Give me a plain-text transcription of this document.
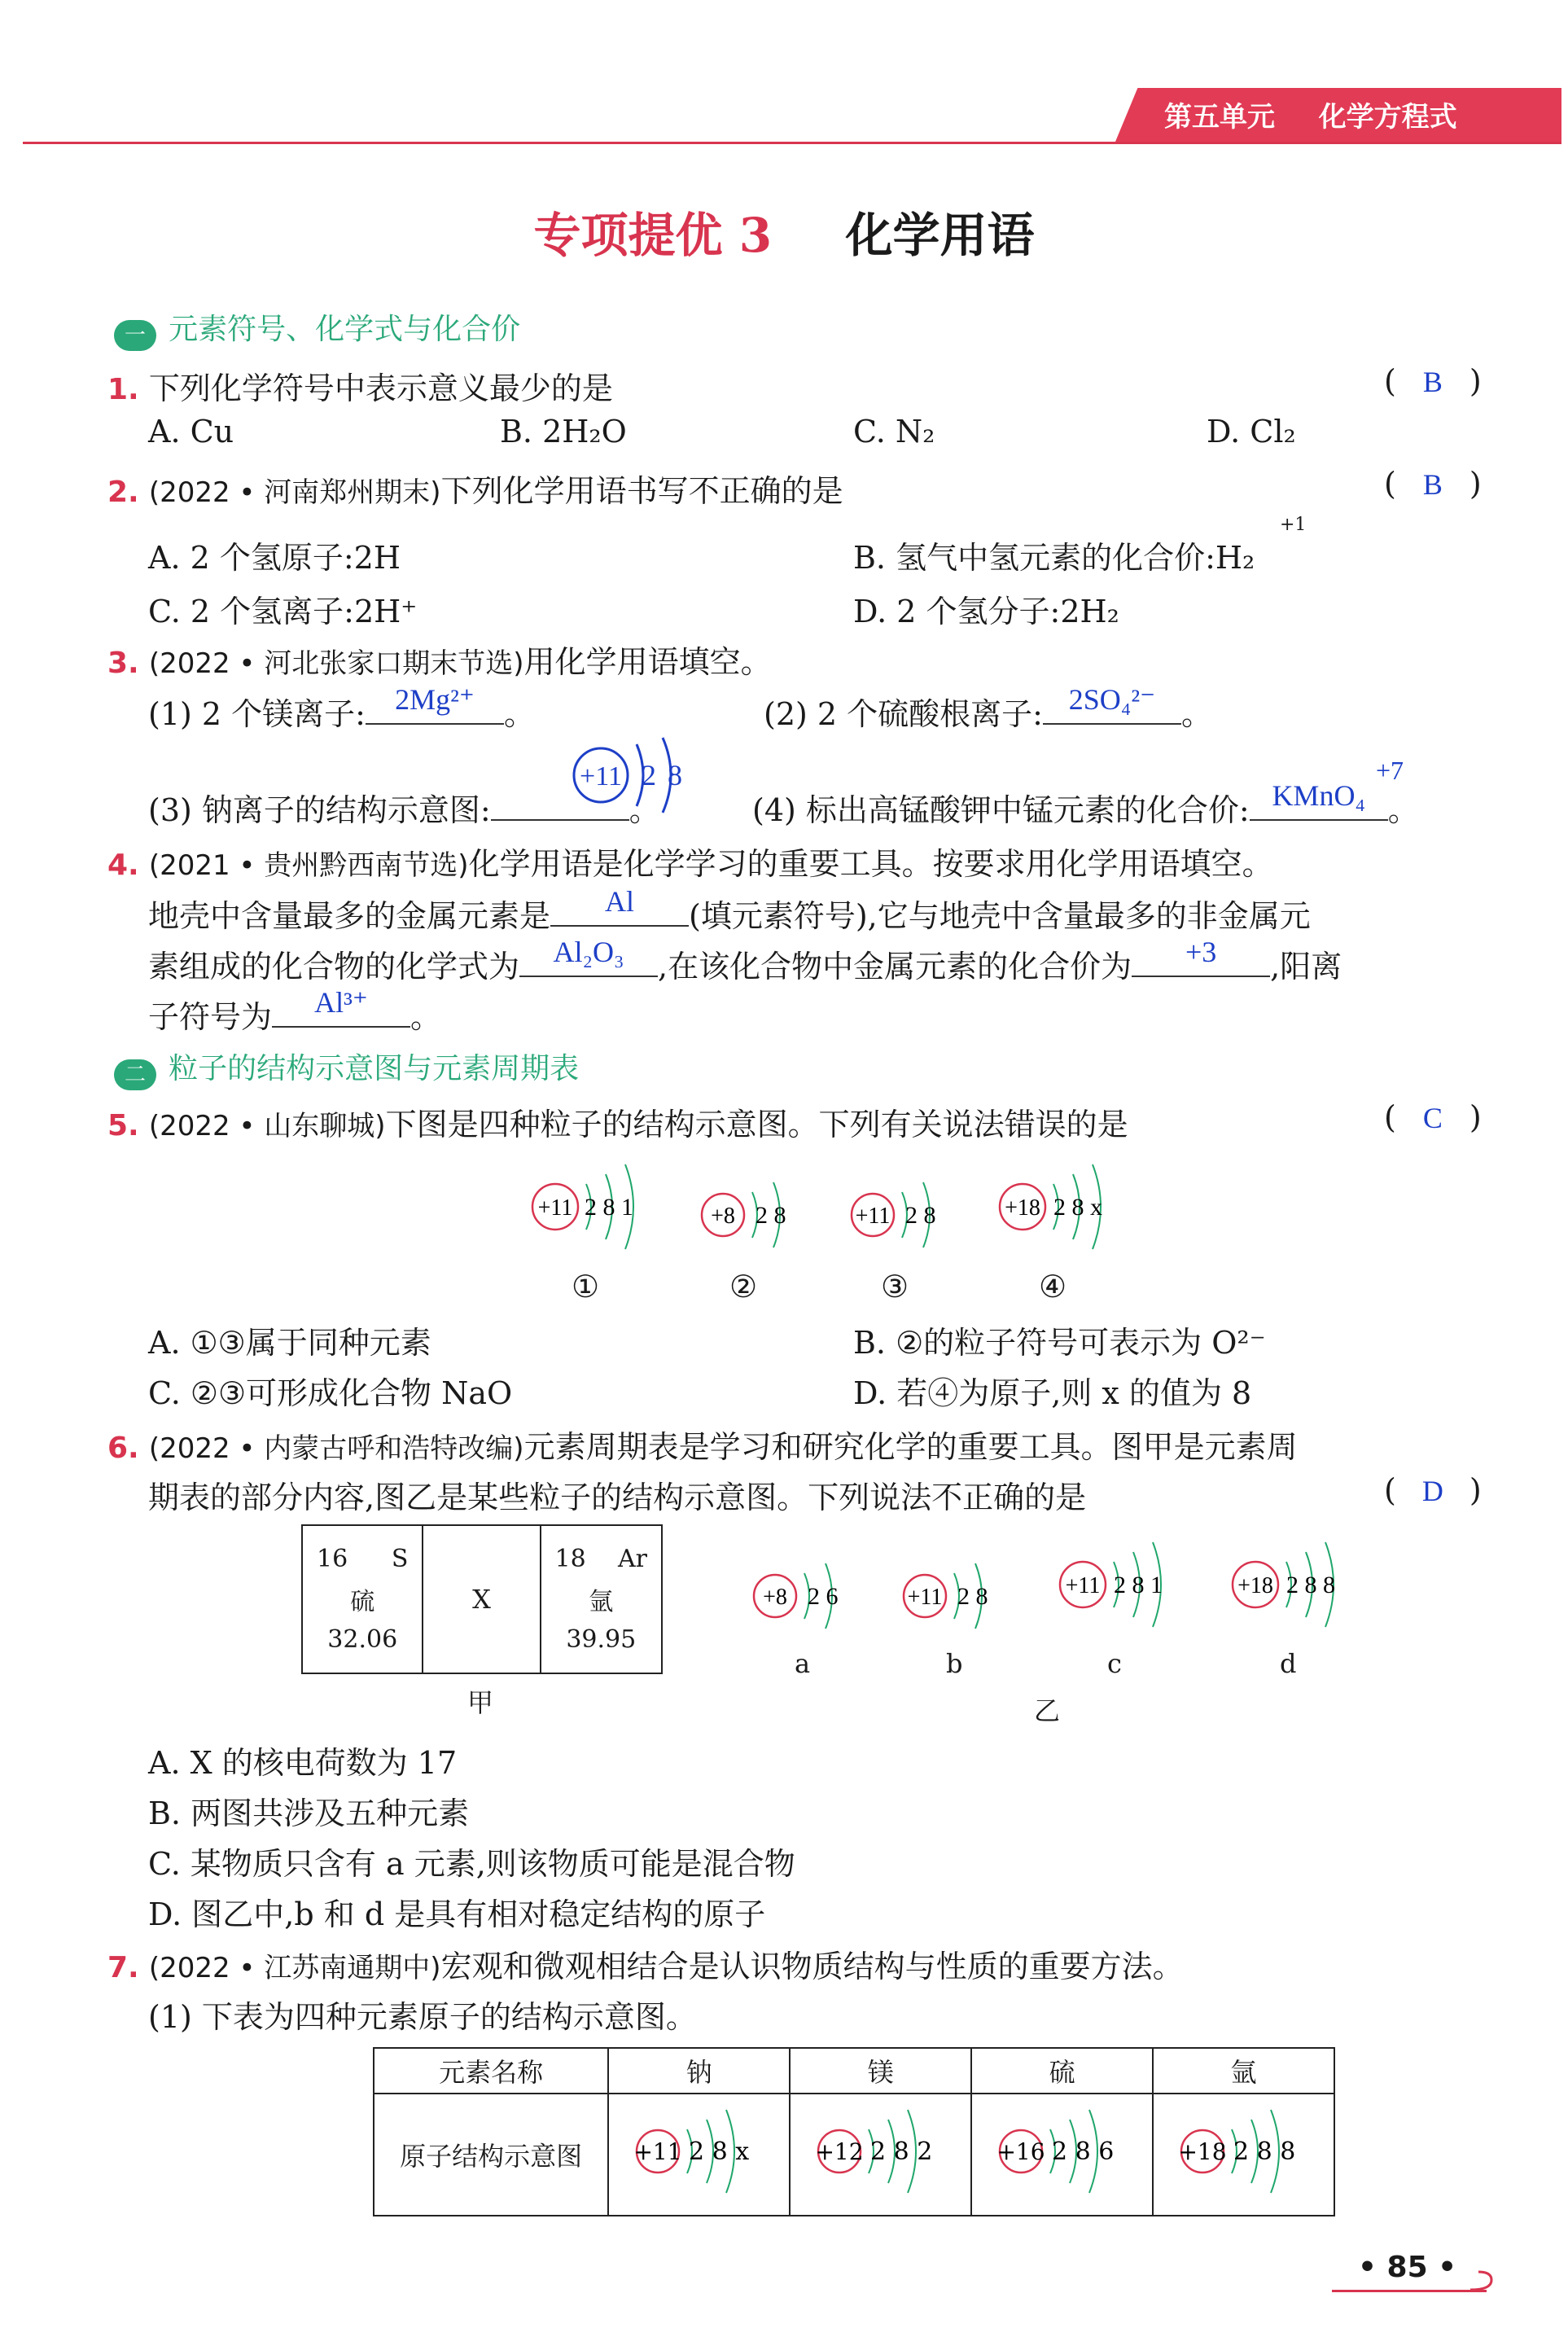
第五单元 化学方程式
专项提优 3 化学用语
一 元素符号、化学式与化合价
1. 下列化学符号中表示意义最少的是	( B )
A. Cu	B. 2H₂O	C. N₂	D. Cl₂
2. (2022 • 河南郑州期末)下列化学用语书写不正确的是	( B )
A. 2 个氢原子:2H	B. 氢气中氢元素的化合价:H₂
+1
C. 2 个氢离子:2H⁺	D. 2 个氢分子:2H₂
3. (2022 • 河北张家口期末节选)用化学用语填空。
(1) 2 个镁离子:	2Mg²⁺ 。	(2) 2 个硫酸根离子: 2SO₄²⁻ 。
(3) 钠离子的结构示意图:	。
+11 2 8
(4) 标出高锰酸钾中锰元素的化合价: KMnO₄ 。
+7
4. (2021 • 贵州黔西南节选)化学用语是化学学习的重要工具。按要求用化学用语填空。
地壳中含量最多的金属元素是	Al	(填元素符号),它与地壳中含量最多的非金属元
素组成的化合物的化学式为	Al₂O₃	,在该化合物中金属元素的化合价为	+3	,阳离
子符号为	Al³⁺	。
二 粒子的结构示意图与元素周期表
5. (2022 • 山东聊城)下图是四种粒子的结构示意图。下列有关说法错误的是	( C )
+11 2 8 1	+8 2 8	+11 2 8	+18 2 8 x
①	②	③	④
A. ①③属于同种元素	B. ②的粒子符号可表示为 O²⁻
C. ②③可形成化合物 NaO	D. 若④为原子,则 x 的值为 8
6. (2022 • 内蒙古呼和浩特改编)元素周期表是学习和研究化学的重要工具。图甲是元素周
期表的部分内容,图乙是某些粒子的结构示意图。下列说法不正确的是	( D )
16 S
硫
32.06
	X	
18 Ar
氩
39.95
甲
+8 2 6	+11 2 8	+11 2 8 1	+18 2 8 8
a	b	c	d
乙
A. X 的核电荷数为 17
B. 两图共涉及五种元素
C. 某物质只含有 a 元素,则该物质可能是混合物
D. 图乙中,b 和 d 是具有相对稳定结构的原子
7. (2022 • 江苏南通期中)宏观和微观相结合是认识物质结构与性质的重要方法。
(1) 下表为四种元素原子的结构示意图。
元素名称	钠	镁	硫	氩
原子结构示意图	+11 2 8 x	+12 2 8 2	+16 2 8 6	+18 2 8 8
• 85 •
